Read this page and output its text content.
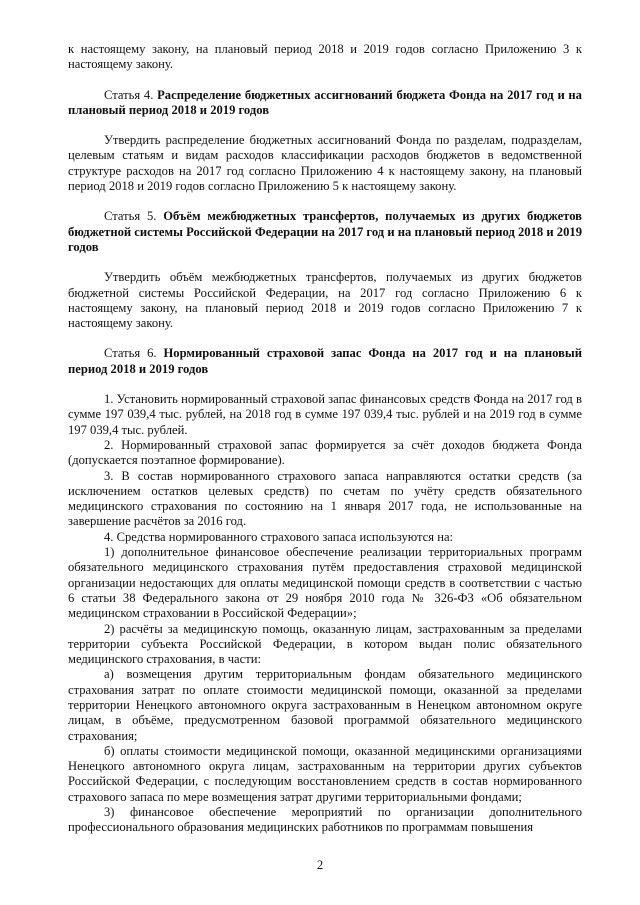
к настоящему закону, на плановый период 2018 и 2019 годов согласно Приложению 3 к настоящему закону.

Статья 4. Распределение бюджетных ассигнований бюджета Фонда на 2017 год и на плановый период 2018 и 2019 годов

Утвердить распределение бюджетных ассигнований Фонда по разделам, подразделам, целевым статьям и видам расходов классификации расходов бюджетов в ведомственной структуре расходов на 2017 год согласно Приложению 4 к настоящему закону, на плановый период 2018 и 2019 годов согласно Приложению 5 к настоящему закону.

Статья 5. Объём межбюджетных трансфертов, получаемых из других бюджетов бюджетной системы Российской Федерации на 2017 год и на плановый период 2018 и 2019 годов

Утвердить объём межбюджетных трансфертов, получаемых из других бюджетов бюджетной системы Российской Федерации, на 2017 год согласно Приложению 6 к настоящему закону, на плановый период 2018 и 2019 годов согласно Приложению 7 к настоящему закону.

Статья 6. Нормированный страховой запас Фонда на 2017 год и на плановый период 2018 и 2019 годов

1. Установить нормированный страховой запас финансовых средств Фонда на 2017 год в сумме 197 039,4 тыс. рублей, на 2018 год в сумме 197 039,4 тыс. рублей и на 2019 год в сумме 197 039,4 тыс. рублей.

2. Нормированный страховой запас формируется за счёт доходов бюджета Фонда (допускается поэтапное формирование).

3. В состав нормированного страхового запаса направляются остатки средств (за исключением остатков целевых средств) по счетам по учёту средств обязательного медицинского страхования по состоянию на 1 января 2017 года, не использованные на завершение расчётов за 2016 год.

4. Средства нормированного страхового запаса используются на:

1) дополнительное финансовое обеспечение реализации территориальных программ обязательного медицинского страхования путём предоставления страховой медицинской организации недостающих для оплаты медицинской помощи средств в соответствии с частью 6 статьи 38 Федерального закона от 29 ноября 2010 года № 326-ФЗ «Об обязательном медицинском страховании в Российской Федерации»;

2) расчёты за медицинскую помощь, оказанную лицам, застрахованным за пределами территории субъекта Российской Федерации, в котором выдан полис обязательного медицинского страхования, в части:

а) возмещения другим территориальным фондам обязательного медицинского страхования затрат по оплате стоимости медицинской помощи, оказанной за пределами территории Ненецкого автономного округа застрахованным в Ненецком автономном округе лицам, в объёме, предусмотренном базовой программой обязательного медицинского страхования;

б) оплаты стоимости медицинской помощи, оказанной медицинскими организациями Ненецкого автономного округа лицам, застрахованным на территории других субъектов Российской Федерации, с последующим восстановлением средств в состав нормированного страхового запаса по мере возмещения затрат другими территориальными фондами;

3) финансовое обеспечение мероприятий по организации дополнительного профессионального образования медицинских работников по программам повышения

2
